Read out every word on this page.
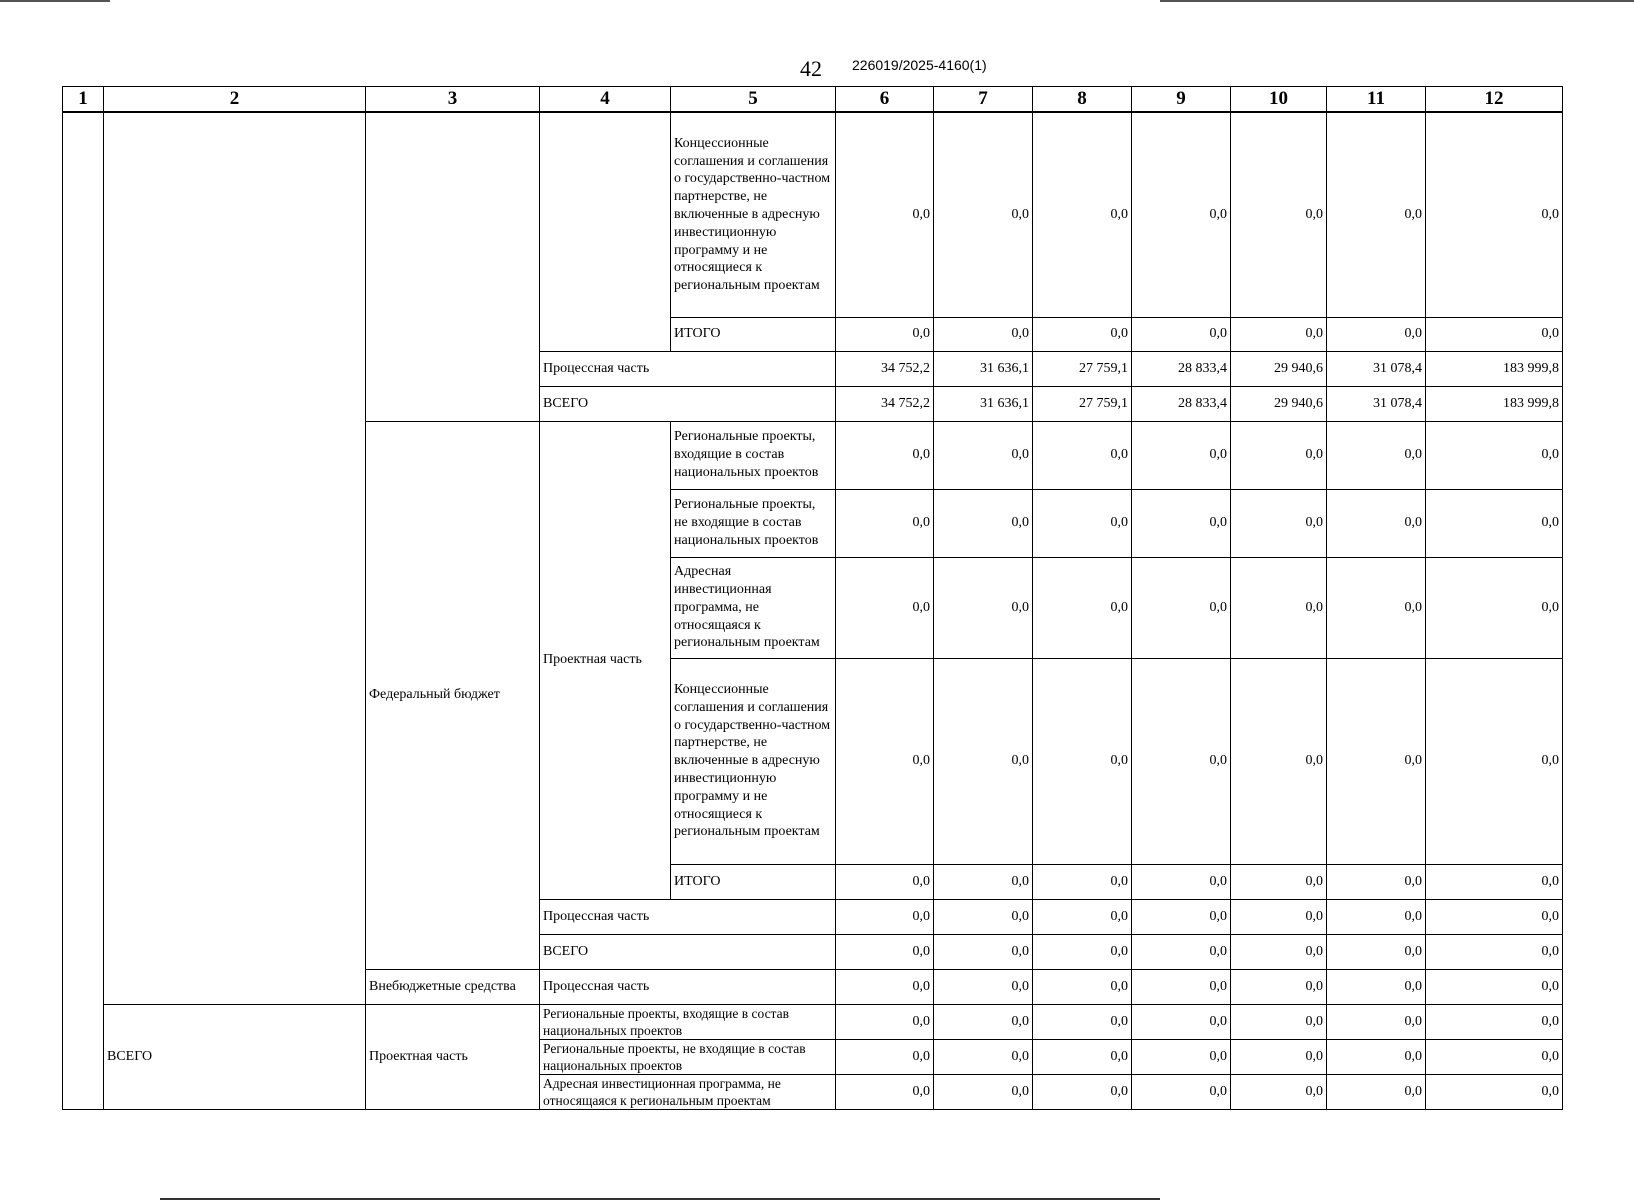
42 226019/2025-4160(1)
1	2	3	4	5	6	7	8	9	10	11	12
				Концессионные соглашения и соглашения о государственно-частном партнерстве, не включенные в адресную инвестиционную программу и не относящиеся к региональным проектам	0,0	0,0	0,0	0,0	0,0	0,0	0,0
				ИТОГО	0,0	0,0	0,0	0,0	0,0	0,0	0,0
			Процессная часть		34 752,2	31 636,1	27 759,1	28 833,4	29 940,6	31 078,4	183 999,8
			ВСЕГО		34 752,2	31 636,1	27 759,1	28 833,4	29 940,6	31 078,4	183 999,8
		Федеральный бюджет	Проектная часть	Региональные проекты, входящие в состав национальных проектов	0,0	0,0	0,0	0,0	0,0	0,0	0,0
				Региональные проекты, не входящие в состав национальных проектов	0,0	0,0	0,0	0,0	0,0	0,0	0,0
				Адресная инвестиционная программа, не относящаяся к региональным проектам	0,0	0,0	0,0	0,0	0,0	0,0	0,0
				Концессионные соглашения и соглашения о государственно-частном партнерстве, не включенные в адресную инвестиционную программу и не относящиеся к региональным проектам	0,0	0,0	0,0	0,0	0,0	0,0	0,0
				ИТОГО	0,0	0,0	0,0	0,0	0,0	0,0	0,0
			Процессная часть		0,0	0,0	0,0	0,0	0,0	0,0	0,0
			ВСЕГО		0,0	0,0	0,0	0,0	0,0	0,0	0,0
		Внебюджетные средства	Процессная часть		0,0	0,0	0,0	0,0	0,0	0,0	0,0
	ВСЕГО	Проектная часть	Региональные проекты, входящие в состав национальных проектов		0,0	0,0	0,0	0,0	0,0	0,0	0,0
			Региональные проекты, не входящие в состав национальных проектов		0,0	0,0	0,0	0,0	0,0	0,0	0,0
			Адресная инвестиционная программа, не относящаяся к региональным проектам		0,0	0,0	0,0	0,0	0,0	0,0	0,0
